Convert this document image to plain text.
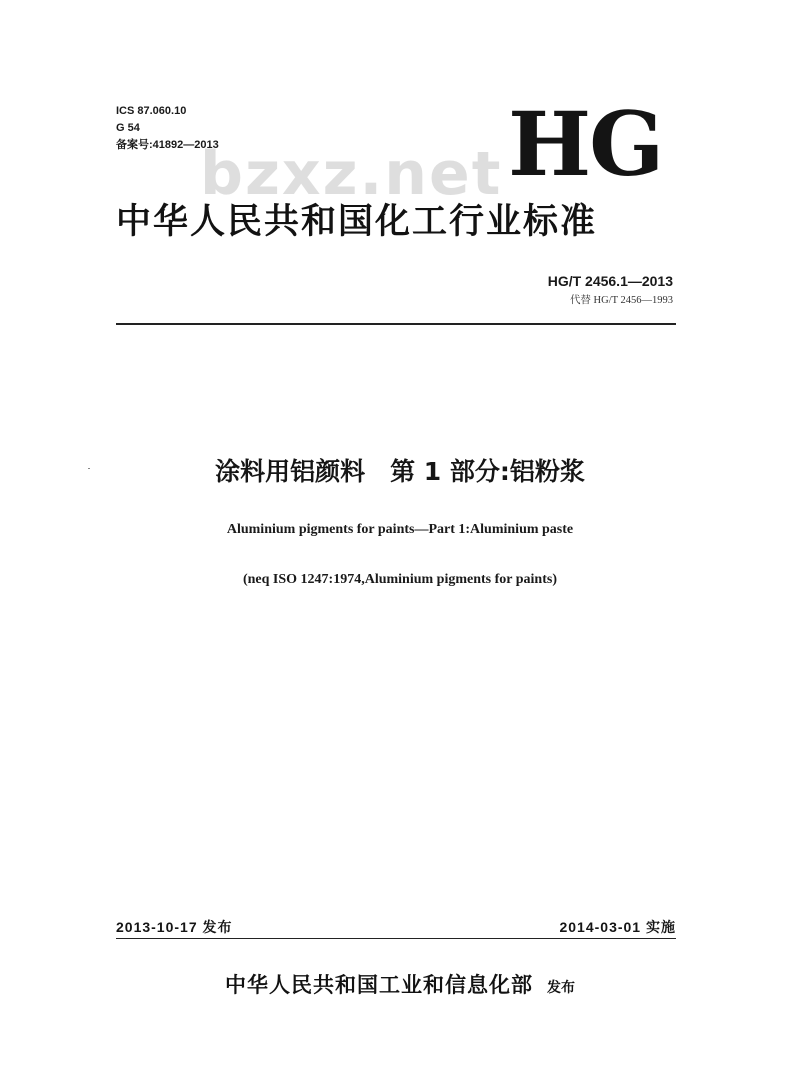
ICS 87.060.10
G 54
备案号:41892—2013
bzxz.net HG
中华人民共和国化工行业标准
HG/T 2456.1—2013
代替 HG/T 2456—1993
涂料用铝颜料　第 1 部分:铝粉浆
Aluminium pigments for paints—Part 1:Aluminium paste
(neq ISO 1247:1974,Aluminium pigments for paints)
2013-10-17 发布	2014-03-01 实施
中华人民共和国工业和信息化部 发布
